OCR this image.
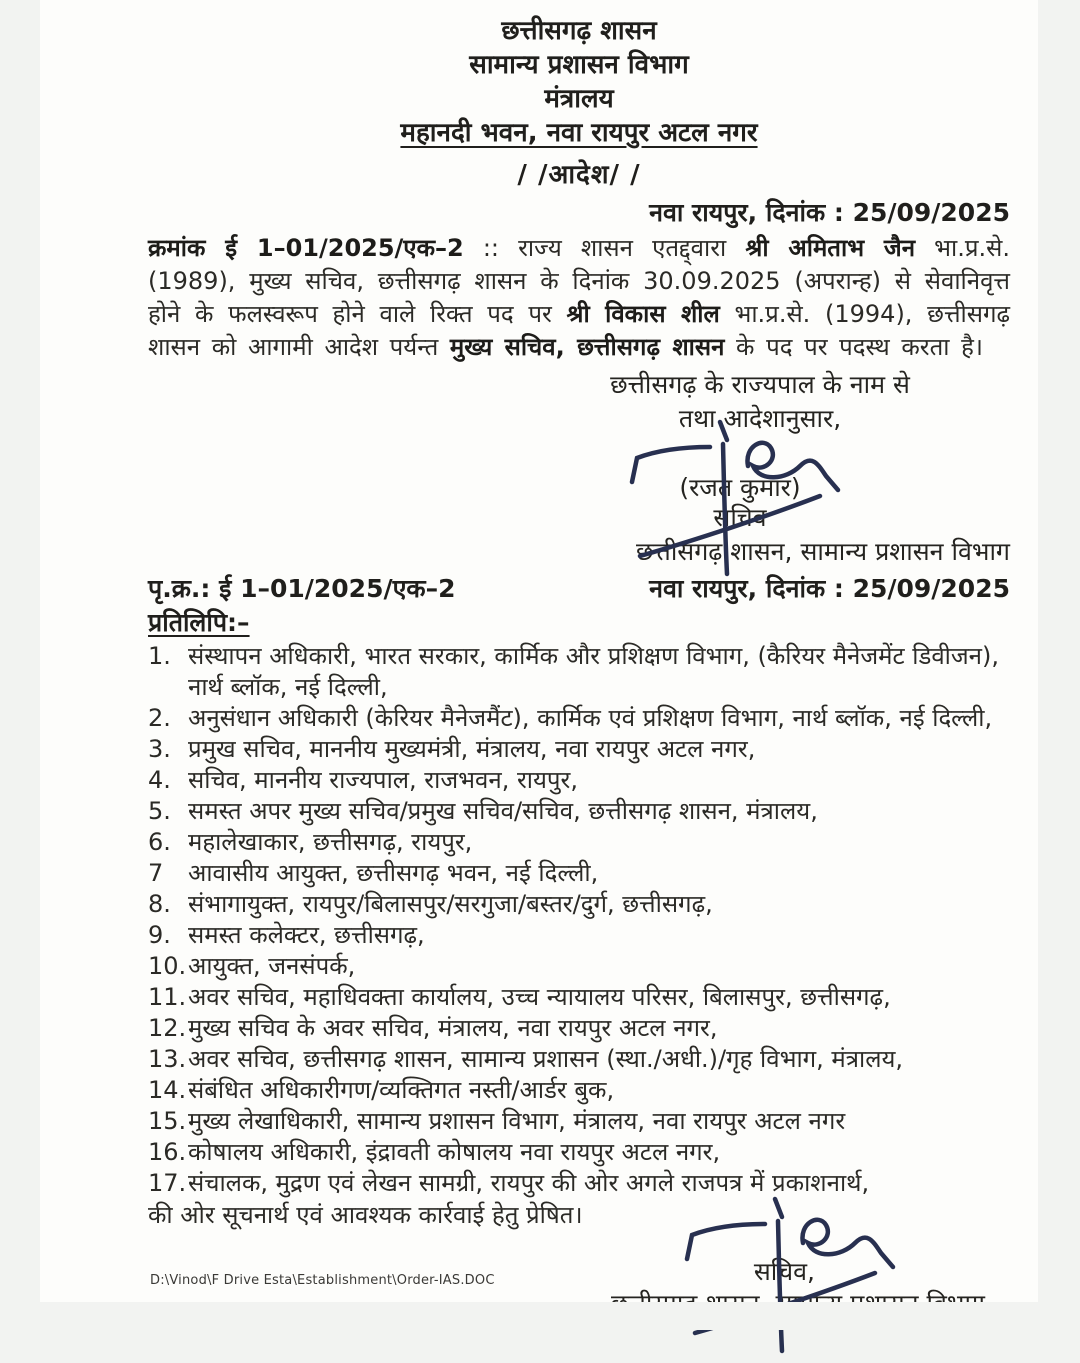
छत्तीसगढ़ शासन
सामान्य प्रशासन विभाग
मंत्रालय
महानदी भवन, नवा रायपुर अटल नगर
/ /आदेश/ /
नवा रायपुर, दिनांक : 25/09/2025
क्रमांक ई 1–01/2025/एक–2 :: राज्य शासन एतद्द्वारा श्री अमिताभ जैन भा.प्र.से. (1989), मुख्य सचिव, छत्तीसगढ़ शासन के दिनांक 30.09.2025 (अपरान्ह) से सेवानिवृत्त होने के फलस्वरूप होने वाले रिक्त पद पर श्री विकास शील भा.प्र.से. (1994), छत्तीसगढ़ शासन को आगामी आदेश पर्यन्त मुख्य सचिव, छत्तीसगढ़ शासन के पद पर पदस्थ करता है।
छत्तीसगढ़ के राज्यपाल के नाम से
तथा आदेशानुसार,
(रजत कुमार)
सचिव
छत्तीसगढ़ शासन, सामान्य प्रशासन विभाग
पृ.क्र.: ई 1–01/2025/एक–2	नवा रायपुर, दिनांक : 25/09/2025
प्रतिलिपि:–
1. संस्थापन अधिकारी, भारत सरकार, कार्मिक और प्रशिक्षण विभाग, (कैरियर मैनेजमेंट डिवीजन), नार्थ ब्लॉक, नई दिल्ली,
2. अनुसंधान अधिकारी (केरियर मैनेजमैंट), कार्मिक एवं प्रशिक्षण विभाग, नार्थ ब्लॉक, नई दिल्ली,
3. प्रमुख सचिव, माननीय मुख्यमंत्री, मंत्रालय, नवा रायपुर अटल नगर,
4. सचिव, माननीय राज्यपाल, राजभवन, रायपुर,
5. समस्त अपर मुख्य सचिव/प्रमुख सचिव/सचिव, छत्तीसगढ़ शासन, मंत्रालय,
6. महालेखाकार, छत्तीसगढ़, रायपुर,
7	आवासीय आयुक्त, छत्तीसगढ़ भवन, नई दिल्ली,
8. संभागायुक्त, रायपुर/बिलासपुर/सरगुजा/बस्तर/दुर्ग, छत्तीसगढ़,
9. समस्त कलेक्टर, छत्तीसगढ़,
10. आयुक्त, जनसंपर्क,
11. अवर सचिव, महाधिवक्ता कार्यालय, उच्च न्यायालय परिसर, बिलासपुर, छत्तीसगढ़,
12. मुख्य सचिव के अवर सचिव, मंत्रालय, नवा रायपुर अटल नगर,
13. अवर सचिव, छत्तीसगढ़ शासन, सामान्य प्रशासन (स्था./अधी.)/गृह विभाग, मंत्रालय,
14. संबंधित अधिकारीगण/व्यक्तिगत नस्ती/आर्डर बुक,
15. मुख्य लेखाधिकारी, सामान्य प्रशासन विभाग, मंत्रालय, नवा रायपुर अटल नगर
16. कोषालय अधिकारी, इंद्रावती कोषालय नवा रायपुर अटल नगर,
17. संचालक, मुद्रण एवं लेखन सामग्री, रायपुर की ओर अगले राजपत्र में प्रकाशनार्थ,
की ओर सूचनार्थ एवं आवश्यक कार्रवाई हेतु प्रेषित।
सचिव,
D:\Vinod\F Drive Esta\Establishment\Order-IAS.DOC
